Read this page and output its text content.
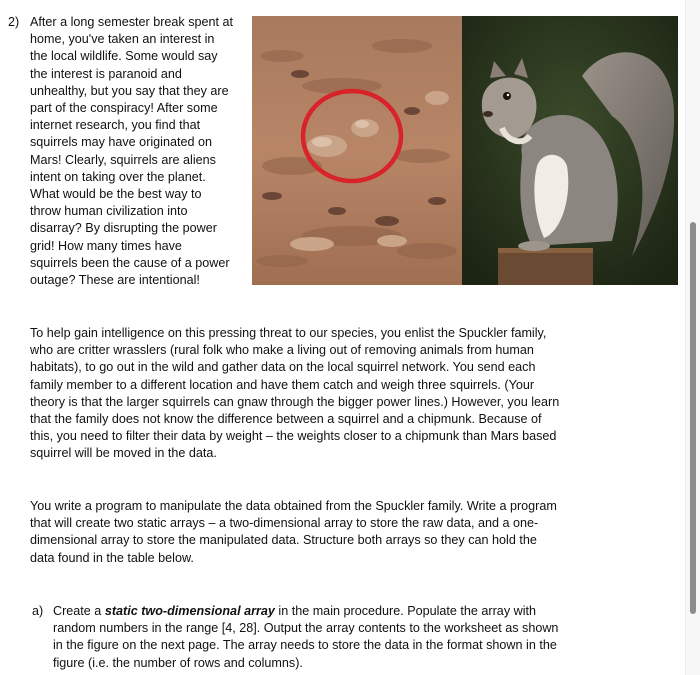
2) After a long semester break spent at
home, you've taken an interest in
the local wildlife. Some would say
the interest is paranoid and
unhealthy, but you say that they are
part of the conspiracy! After some
internet research, you find that
squirrels may have originated on
Mars! Clearly, squirrels are aliens
intent on taking over the planet.
What would be the best way to
throw human civilization into
disarray? By disrupting the power
grid! How many times have
squirrels been the cause of a power
outage? These are intentional!

To help gain intelligence on this pressing threat to our species, you enlist the Spuckler family,
who are critter wrasslers (rural folk who make a living out of removing animals from human
habitats), to go out in the wild and gather data on the local squirrel network. You send each
family member to a different location and have them catch and weigh three squirrels. (Your
theory is that the larger squirrels can gnaw through the bigger power lines.) However, you learn
that the family does not know the difference between a squirrel and a chipmunk. Because of
this, you need to filter their data by weight – the weights closer to a chipmunk than Mars based
squirrel will be moved in the data.

You write a program to manipulate the data obtained from the Spuckler family. Write a program
that will create two static arrays – a two-dimensional array to store the raw data, and a one-
dimensional array to store the manipulated data. Structure both arrays so they can hold the
data found in the table below.

a) Create a static two-dimensional array in the main procedure. Populate the array with
random numbers in the range [4, 28]. Output the array contents to the worksheet as shown
in the figure on the next page. The array needs to store the data in the format shown in the
figure (i.e. the number of rows and columns).
